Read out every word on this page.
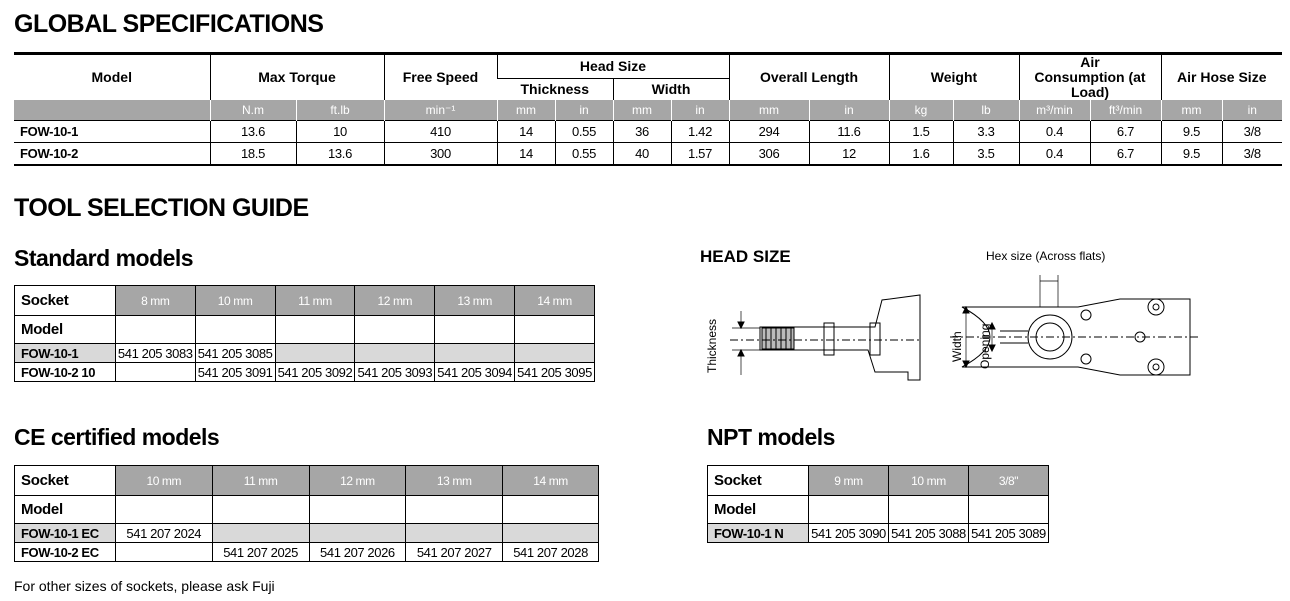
GLOBAL SPECIFICATIONS
Model	Max Torque		Free Speed	Head Size				Overall Length		Weight		Air Consumption (at Load)		Air Hose Size	
				Thickness		Width									
	N.m	ft.lb	min⁻¹	mm	in	mm	in	mm	in	kg	lb	m³/min	ft³/min	mm	in
FOW-10-1	13.6	10	410	14	0.55	36	1.42	294	11.6	1.5	3.3	0.4	6.7	9.5	3/8
FOW-10-2	18.5	13.6	300	14	0.55	40	1.57	306	12	1.6	3.5	0.4	6.7	9.5	3/8
TOOL SELECTION GUIDE
Standard models
Socket	8 mm	10 mm	11 mm	12 mm	13 mm	14 mm
Model						
FOW-10-1	541 205 3083	541 205 3085				
FOW-10-2 10		541 205 3091	541 205 3092	541 205 3093	541 205 3094	541 205 3095
CE certified models
Socket	10 mm	11 mm	12 mm	13 mm	14 mm
Model					
FOW-10-1 EC	541 207 2024				
FOW-10-2 EC		541 207 2025	541 207 2026	541 207 2027	541 207 2028
For other sizes of sockets, please ask Fuji
NPT models
Socket	9 mm	10 mm	3/8"
Model			
FOW-10-1 N	541 205 3090	541 205 3088	541 205 3089
HEAD SIZE	Hex size (Across flats)
Thickness	Width Opening
